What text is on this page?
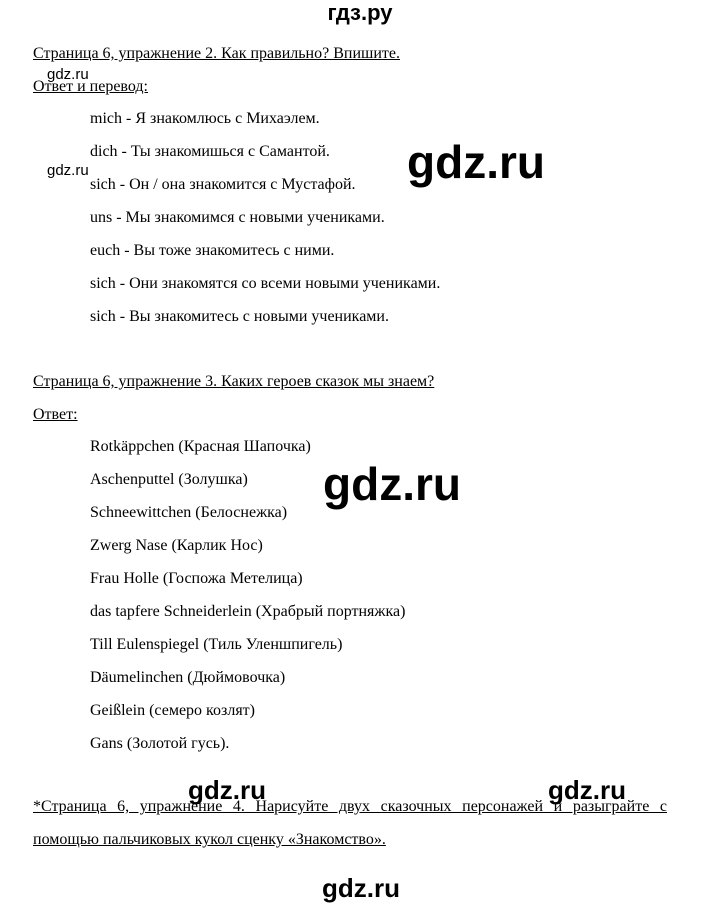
гдз.ру
Страница 6, упражнение 2. Как правильно? Впишите.
Ответ и перевод:
mich - Я знакомлюсь с Михаэлем.
dich - Ты знакомишься с Самантой.
sich - Он / она знакомится с Мустафой.
uns - Мы знакомимся с новыми учениками.
euch - Вы тоже знакомитесь с ними.
sich - Они знакомятся со всеми новыми учениками.
sich - Вы знакомитесь с новыми учениками.
Страница 6, упражнение 3. Каких героев сказок мы знаем?
Ответ:
Rotkäppchen (Красная Шапочка)
Aschenputtel (Золушка)
Schneewittchen (Белоснежка)
Zwerg Nase (Карлик Нос)
Frau Holle (Госпожа Метелица)
das tapfere Schneiderlein (Храбрый портняжка)
Till Eulenspiegel (Тиль Уленшпигель)
Däumelinchen (Дюймовочка)
Geißlein (семеро козлят)
Gans (Золотой гусь).
*Страница 6, упражнение 4. Нарисуйте двух сказочных персонажей и разыграйте с помощью пальчиковых кукол сценку «Знакомство».
gdz.ru
gdz.ru	gdz.ru
gdz.ru
gdz.ru	gdz.ru
gdz.ru
